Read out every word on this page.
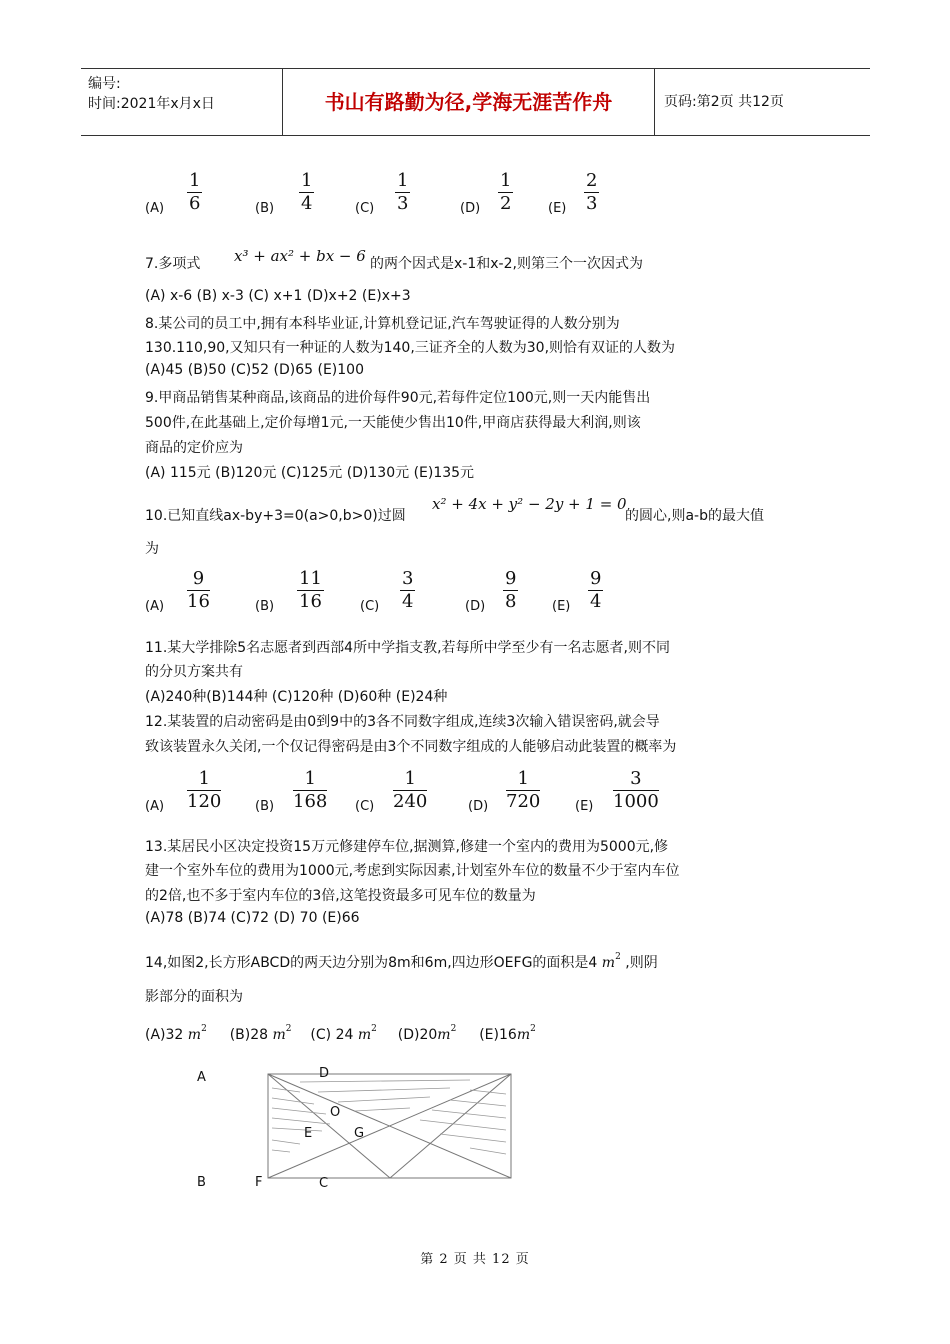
编号:
时间:2021年x月x日	书山有路勤为径,学海无涯苦作舟	页码:第2页 共12页
(A)
1
6	(B)
1
4	(C)
1
3	(D)
1
2	(E)
2
3
7.多项式 x³ + ax² + bx − 6 的两个因式是x-1和x-2,则第三个一次因式为
(A) x-6 (B) x-3 (C) x+1 (D)x+2 (E)x+3
8.某公司的员工中,拥有本科毕业证,计算机登记证,汽车驾驶证得的人数分别为
130.110,90,又知只有一种证的人数为140,三证齐全的人数为30,则恰有双证的人数为
(A)45 (B)50 (C)52 (D)65 (E)100
9.甲商品销售某种商品,该商品的进价每件90元,若每件定位100元,则一天内能售出
500件,在此基础上,定价每增1元,一天能使少售出10件,甲商店获得最大利润,则该
商品的定价应为
(A) 115元 (B)120元 (C)125元 (D)130元 (E)135元
10.已知直线ax-by+3=0(a>0,b>0)过圆
x² + 4x + y² − 2y + 1 = 0
的圆心,则a-b的最大值
为
(A)
9
16	(B)
11
16	(C)
3
4	(D)
9
8	(E)
9
4
11.某大学排除5名志愿者到西部4所中学指支教,若每所中学至少有一名志愿者,则不同
的分贝方案共有
(A)240种(B)144种 (C)120种 (D)60种 (E)24种
12.某装置的启动密码是由0到9中的3各不同数字组成,连续3次输入错误密码,就会导
致该装置永久关闭,一个仅记得密码是由3个不同数字组成的人能够启动此装置的概率为
(A)
1
120	(B)
1
168 (C)
1
240	(D)
1
720	(E)
3
1000
13.某居民小区决定投资15万元修建停车位,据测算,修建一个室内的费用为5000元,修
建一个室外车位的费用为1000元,考虑到实际因素,计划室外车位的数量不少于室内车位
的2倍,也不多于室内车位的3倍,这笔投资最多可见车位的数量为
(A)78 (B)74 (C)72 (D) 70 (E)66
14,如图2,长方形ABCD的两天边分别为8m和6m,四边形OEFG的面积是4 $m^2$ ,则阴
影部分的面积为
(A)32 $m^2$ (B)28 $m^2$ (C) 24 $m^2$ $(D)20m^2$ $(E)16m^2$
A	D
O
E	G
B	F	C
第 2 页 共 12 页
